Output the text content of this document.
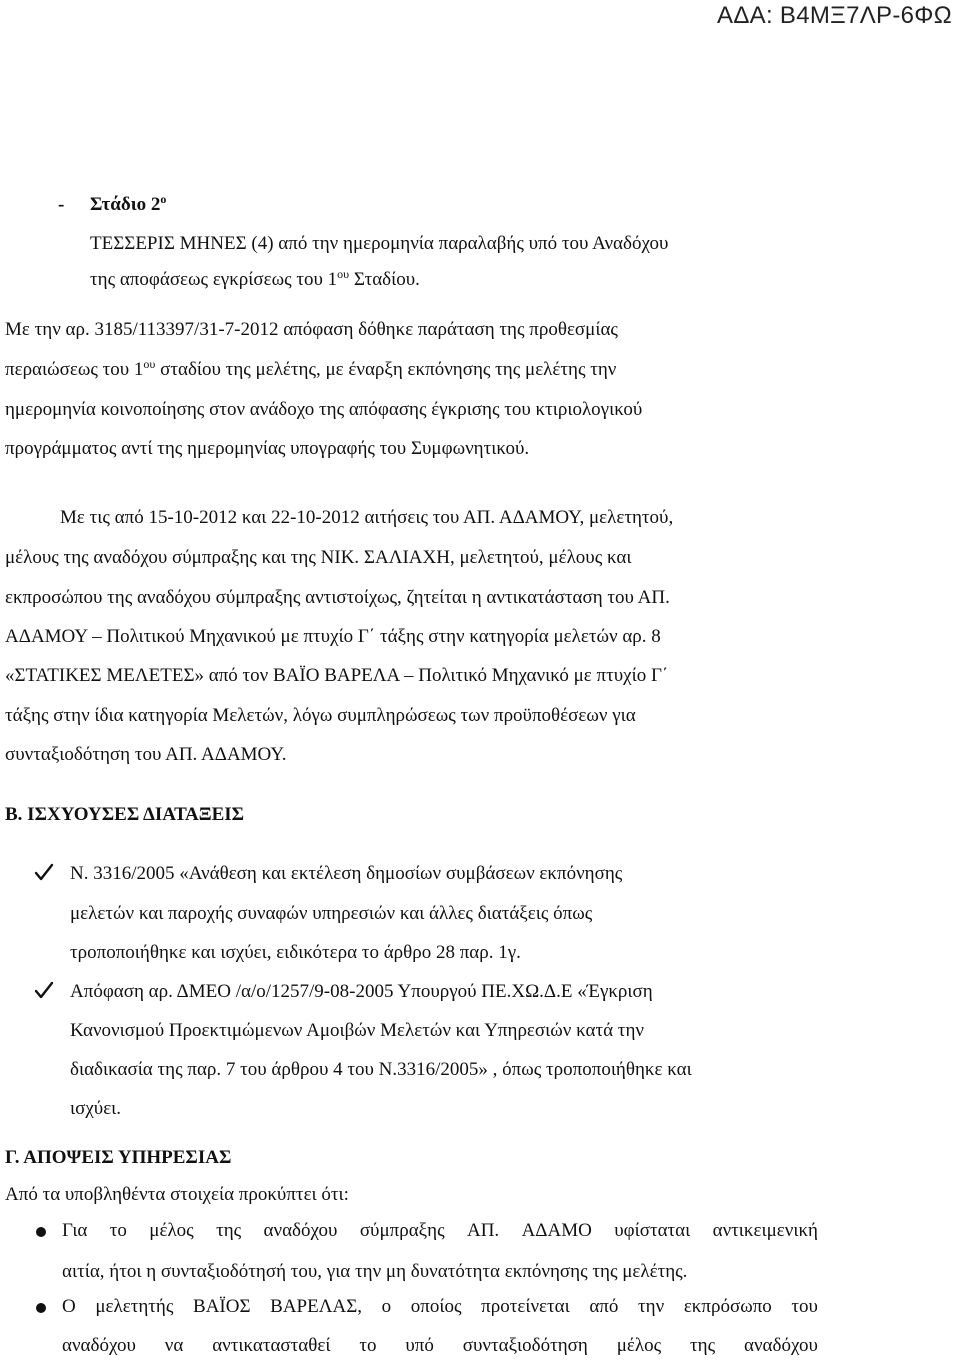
ΑΔΑ: Β4ΜΞ7ΛΡ-6ΦΩ
- Στάδιο $2^o$
ΤΕΣΣΕΡΙΣ ΜΗΝΕΣ (4) από την ημερομηνία παραλαβής υπό του Αναδόχου
της αποφάσεως εγκρίσεως του $1^{o\upsilon}$ Σταδίου.
Με την αρ. 3185/113397/31-7-2012 απόφαση δόθηκε παράταση της προθεσμίας
περαιώσεως του $1^{o\upsilon}$ σταδίου της μελέτης, με έναρξη εκπόνησης της μελέτης την
ημερομηνία κοινοποίησης στον ανάδοχο της απόφασης έγκρισης του κτιριολογικού
προγράμματος αντί της ημερομηνίας υπογραφής του Συμφωνητικού.
Με τις από 15-10-2012 και 22-10-2012 αιτήσεις του ΑΠ. ΑΔΑΜΟΥ, μελετητού,
μέλους της αναδόχου σύμπραξης και της ΝΙΚ. ΣΑΛΙΑΧΗ, μελετητού, μέλους και
εκπροσώπου της αναδόχου σύμπραξης αντιστοίχως, ζητείται η αντικατάσταση του ΑΠ.
ΑΔΑΜΟΥ – Πολιτικού Μηχανικού με πτυχίο Γ΄ τάξης στην κατηγορία μελετών αρ. 8
«ΣΤΑΤΙΚΕΣ ΜΕΛΕΤΕΣ» από τον ΒΑΪΟ ΒΑΡΕΛΑ – Πολιτικό Μηχανικό με πτυχίο Γ΄
τάξης στην ίδια κατηγορία Μελετών, λόγω συμπληρώσεως των προϋποθέσεων για
συνταξιοδότηση του ΑΠ. ΑΔΑΜΟΥ.
Β. ΙΣΧΥΟΥΣΕΣ ΔΙΑΤΑΞΕΙΣ
Ν. 3316/2005 «Ανάθεση και εκτέλεση δημοσίων συμβάσεων εκπόνησης
μελετών και παροχής συναφών υπηρεσιών και άλλες διατάξεις όπως
τροποποιήθηκε και ισχύει, ειδικότερα το άρθρο 28 παρ. 1γ.
Απόφαση αρ. ΔΜΕΟ /α/ο/1257/9-08-2005 Υπουργού ΠΕ.ΧΩ.Δ.Ε «Έγκριση
Κανονισμού Προεκτιμώμενων Αμοιβών Μελετών και Υπηρεσιών κατά την
διαδικασία της παρ. 7 του άρθρου 4 του Ν.3316/2005» , όπως τροποποιήθηκε και
ισχύει.
Γ. ΑΠΟΨΕΙΣ ΥΠΗΡΕΣΙΑΣ
Από τα υποβληθέντα στοιχεία προκύπτει ότι:
Για το μέλος της αναδόχου σύμπραξης ΑΠ. ΑΔΑΜΟ υφίσταται αντικειμενική
αιτία, ήτοι η συνταξιοδότησή του, για την μη δυνατότητα εκπόνησης της μελέτης.
Ο μελετητής ΒΑΪΟΣ ΒΑΡΕΛΑΣ, ο οποίος προτείνεται από την εκπρόσωπο του
αναδόχου να αντικατασταθεί το υπό συνταξιοδότηση μέλος της αναδόχου
